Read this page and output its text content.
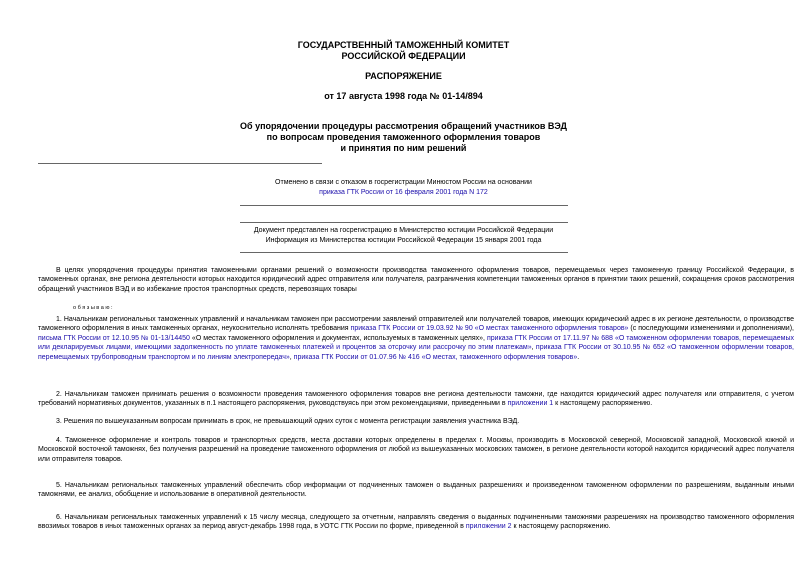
ГОСУДАРСТВЕННЫЙ ТАМОЖЕННЫЙ КОМИТЕТ
РОССИЙСКОЙ ФЕДЕРАЦИИ
РАСПОРЯЖЕНИЕ
от 17 августа 1998 года № 01-14/894
Об упорядочении процедуры рассмотрения обращений участников ВЭД
по вопросам проведения таможенного оформления товаров
и принятия по ним решений
Отменено в связи с отказом в госрегистрации Минюстом России на основании
приказа ГТК России от 16 февраля 2001 года N 172
Документ представлен на госрегистрацию в Министерство юстиции Российской Федерации
Информация из Министерства юстиции Российской Федерации 15 января 2001 года
В целях упорядочения процедуры принятия таможенными органами решений о возможности производства таможенного оформления товаров, перемещаемых через таможенную границу Российской Федерации, в таможенных органах, вне региона деятельности которых находится юридический адрес отправителя или получателя, разграничения компетенции таможенных органов в принятии таких решений, сокращения сроков рассмотрения обращений участников ВЭД и во избежание простоя транспортных средств, перевозящих товары
о б я з ы в а ю :
1. Начальникам региональных таможенных управлений и начальникам таможен при рассмотрении заявлений отправителей или получателей товаров, имеющих юридический адрес в их регионе деятельности, о производстве таможенного оформления в иных таможенных органах, неукоснительно исполнять требования приказа ГТК России от 19.03.92 № 90 «О местах таможенного оформления товаров» (с последующими изменениями и дополнениями), письма ГТК России от 12.10.95 № 01-13/14450 «О местах таможенного оформления и документах, используемых в таможенных целях», приказа ГТК России от 17.11.97 № 688 «О таможенном оформлении товаров, перемещаемых или декларируемых лицами, имеющими задолженность по уплате таможенных платежей и процентов за отсрочку или рассрочку по этим платежам», приказа ГТК России от 30.10.95 № 652 «О таможенном оформлении товаров, перемещаемых трубопроводным транспортом и по линиям электропередач», приказа ГТК России от 01.07.96 № 416 «О местах, таможенного оформления товаров».
2. Начальникам таможен принимать решения о возможности проведения таможенного оформления товаров вне региона деятельности таможни, где находится юридический адрес получателя или отправителя, с учетом требований нормативных документов, указанных в п.1 настоящего распоряжения, руководствуясь при этом рекомендациями, приведенными в приложении 1 к настоящему распоряжению.
3. Решения по вышеуказанным вопросам принимать в срок, не превышающий одних суток с момента регистрации заявления участника ВЭД.
4. Таможенное оформление и контроль товаров и транспортных средств, места доставки которых определены в пределах г. Москвы, производить в Московской северной, Московской западной, Московской южной и Московской восточной таможнях, без получения разрешений на проведение таможенного оформления от любой из вышеуказанных московских таможен, в регионе деятельности которой находится юридический адрес получателя или отправителя товаров.
5. Начальникам региональных таможенных управлений обеспечить сбор информации от подчиненных таможен о выданных разрешениях и произведенном таможенном оформлении по разрешениям, выданным иными таможнями, ее анализ, обобщение и использование в оперативной деятельности.
6. Начальникам региональных таможенных управлений к 15 числу месяца, следующего за отчетным, направлять сведения о выданных подчиненными таможнями разрешениях на производство таможенного оформления ввозимых товаров в иных таможенных органах за период август-декабрь 1998 года, в УОТС ГТК России по форме, приведенной в приложении 2 к настоящему распоряжению.
